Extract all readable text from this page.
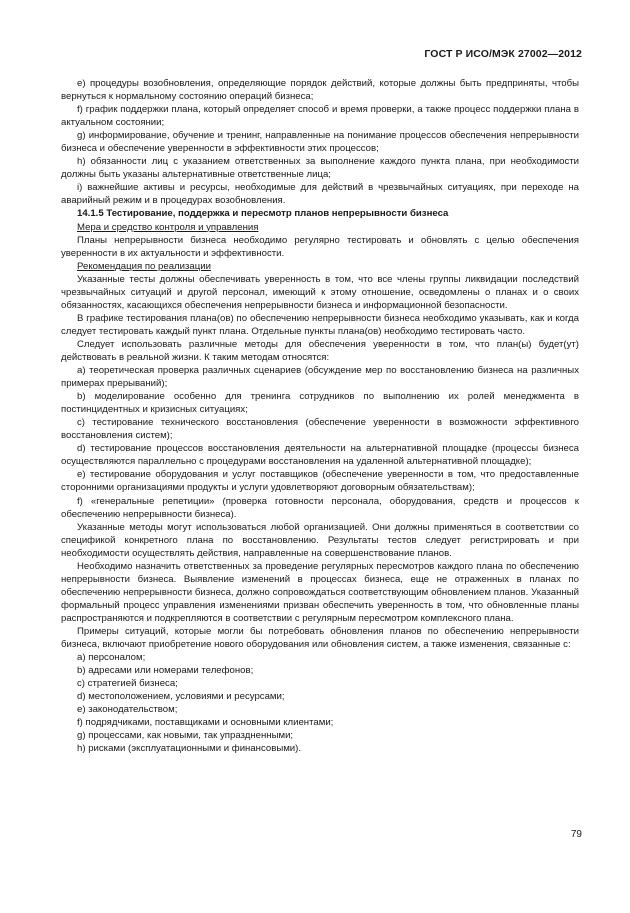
ГОСТ Р ИСО/МЭК 27002—2012

e) процедуры возобновления, определяющие порядок действий, которые должны быть предприняты, чтобы вернуться к нормальному состоянию операций бизнеса;

f) график поддержки плана, который определяет способ и время проверки, а также процесс поддержки плана в актуальном состоянии;

g) информирование, обучение и тренинг, направленные на понимание процессов обеспечения непрерывности бизнеса и обеспечение уверенности в эффективности этих процессов;

h) обязанности лиц с указанием ответственных за выполнение каждого пункта плана, при необходимости должны быть указаны альтернативные ответственные лица;

i) важнейшие активы и ресурсы, необходимые для действий в чрезвычайных ситуациях, при переходе на аварийный режим и в процедурах возобновления.

14.1.5 Тестирование, поддержка и пересмотр планов непрерывности бизнеса

Мера и средство контроля и управления

Планы непрерывности бизнеса необходимо регулярно тестировать и обновлять с целью обеспечения уверенности в их актуальности и эффективности.

Рекомендация по реализации

Указанные тесты должны обеспечивать уверенность в том, что все члены группы ликвидации последствий чрезвычайных ситуаций и другой персонал, имеющий к этому отношение, осведомлены о планах и о своих обязанностях, касающихся обеспечения непрерывности бизнеса и информационной безопасности.

В графике тестирования плана(ов) по обеспечению непрерывности бизнеса необходимо указывать, как и когда следует тестировать каждый пункт плана. Отдельные пункты плана(ов) необходимо тестировать часто.

Следует использовать различные методы для обеспечения уверенности в том, что план(ы) будет(ут) действовать в реальной жизни. К таким методам относятся:

a) теоретическая проверка различных сценариев (обсуждение мер по восстановлению бизнеса на различных примерах прерываний);

b) моделирование особенно для тренинга сотрудников по выполнению их ролей менеджмента в постинцидентных и кризисных ситуациях;

c) тестирование технического восстановления (обеспечение уверенности в возможности эффективного восстановления систем);

d) тестирование процессов восстановления деятельности на альтернативной площадке (процессы бизнеса осуществляются параллельно с процедурами восстановления на удаленной альтернативной площадке);

e) тестирование оборудования и услуг поставщиков (обеспечение уверенности в том, что предоставленные сторонними организациями продукты и услуги удовлетворяют договорным обязательствам);

f) «генеральные репетиции» (проверка готовности персонала, оборудования, средств и процессов к обеспечению непрерывности бизнеса).

Указанные методы могут использоваться любой организацией. Они должны применяться в соответствии со спецификой конкретного плана по восстановлению. Результаты тестов следует регистрировать и при необходимости осуществлять действия, направленные на совершенствование планов.

Необходимо назначить ответственных за проведение регулярных пересмотров каждого плана по обеспечению непрерывности бизнеса. Выявление изменений в процессах бизнеса, еще не отраженных в планах по обеспечению непрерывности бизнеса, должно сопровождаться соответствующим обновлением планов. Указанный формальный процесс управления изменениями призван обеспечить уверенность в том, что обновленные планы распространяются и подкрепляются в соответствии с регулярным пересмотром комплексного плана.

Примеры ситуаций, которые могли бы потребовать обновления планов по обеспечению непрерывности бизнеса, включают приобретение нового оборудования или обновления систем, а также изменения, связанные с:

a) персоналом;

b) адресами или номерами телефонов;

c) стратегией бизнеса;

d) местоположением, условиями и ресурсами;

e) законодательством;

f) подрядчиками, поставщиками и основными клиентами;

g) процессами, как новыми, так упраздненными;

h) рисками (эксплуатационными и финансовыми).

79
